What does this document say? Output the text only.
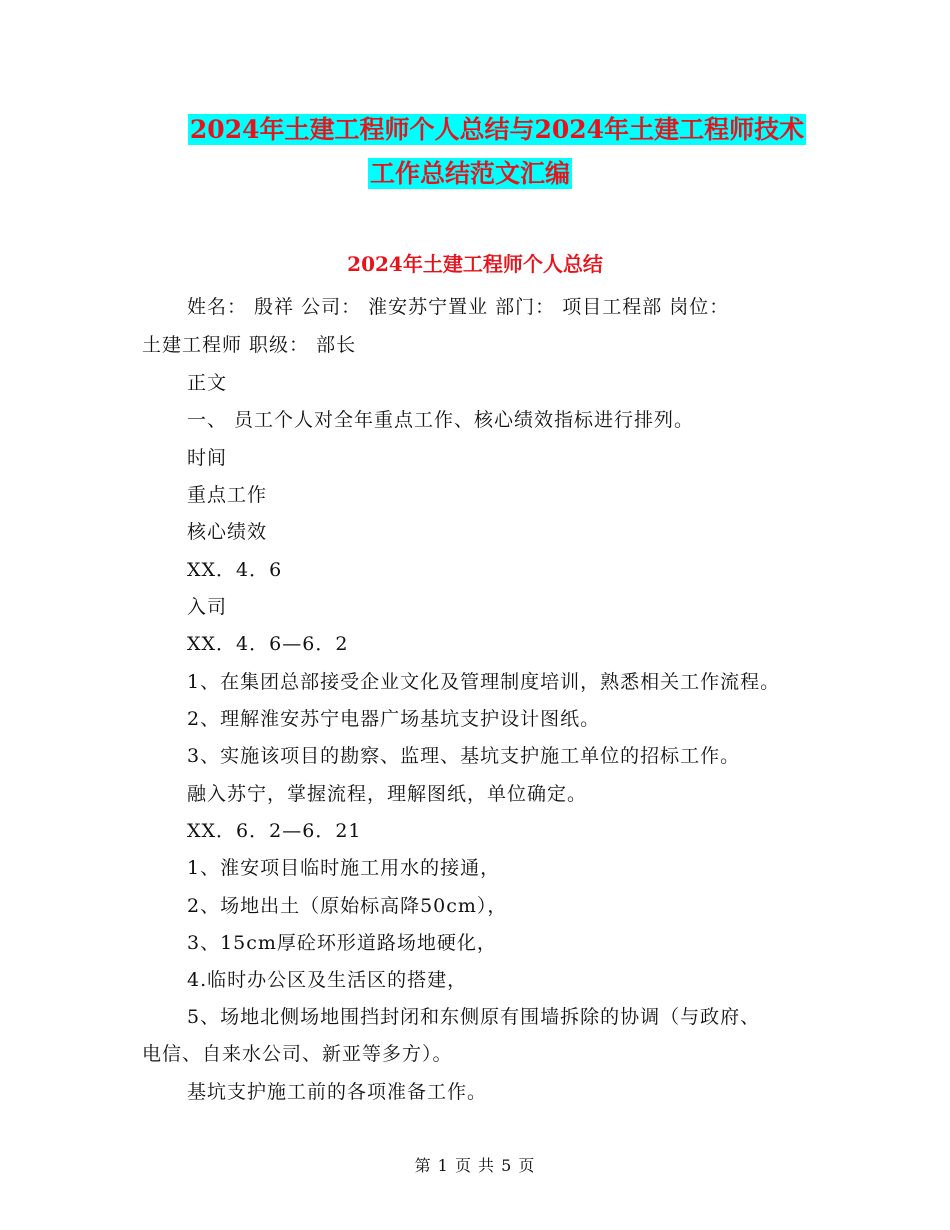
2024年土建工程师个人总结与2024年土建工程师技术
工作总结范文汇编
2024年土建工程师个人总结
姓名： 殷祥 公司： 淮安苏宁置业 部门： 项目工程部 岗位：
土建工程师 职级： 部长
正文
一、 员工个人对全年重点工作、核心绩效指标进行排列。
时间
重点工作
核心绩效
XX．4．6
入司
XX．4．6—6．2
1、在集团总部接受企业文化及管理制度培训，熟悉相关工作流程。
2、理解淮安苏宁电器广场基坑支护设计图纸。
3、实施该项目的勘察、监理、基坑支护施工单位的招标工作。
融入苏宁，掌握流程，理解图纸，单位确定。
XX．6．2—6．21
1、淮安项目临时施工用水的接通，
2、场地出土（原始标高降50cm），
3、15cm厚砼环形道路场地硬化，
4.临时办公区及生活区的搭建，
5、场地北侧场地围挡封闭和东侧原有围墙拆除的协调（与政府、
电信、自来水公司、新亚等多方）。
基坑支护施工前的各项准备工作。
第 1 页 共 5 页
